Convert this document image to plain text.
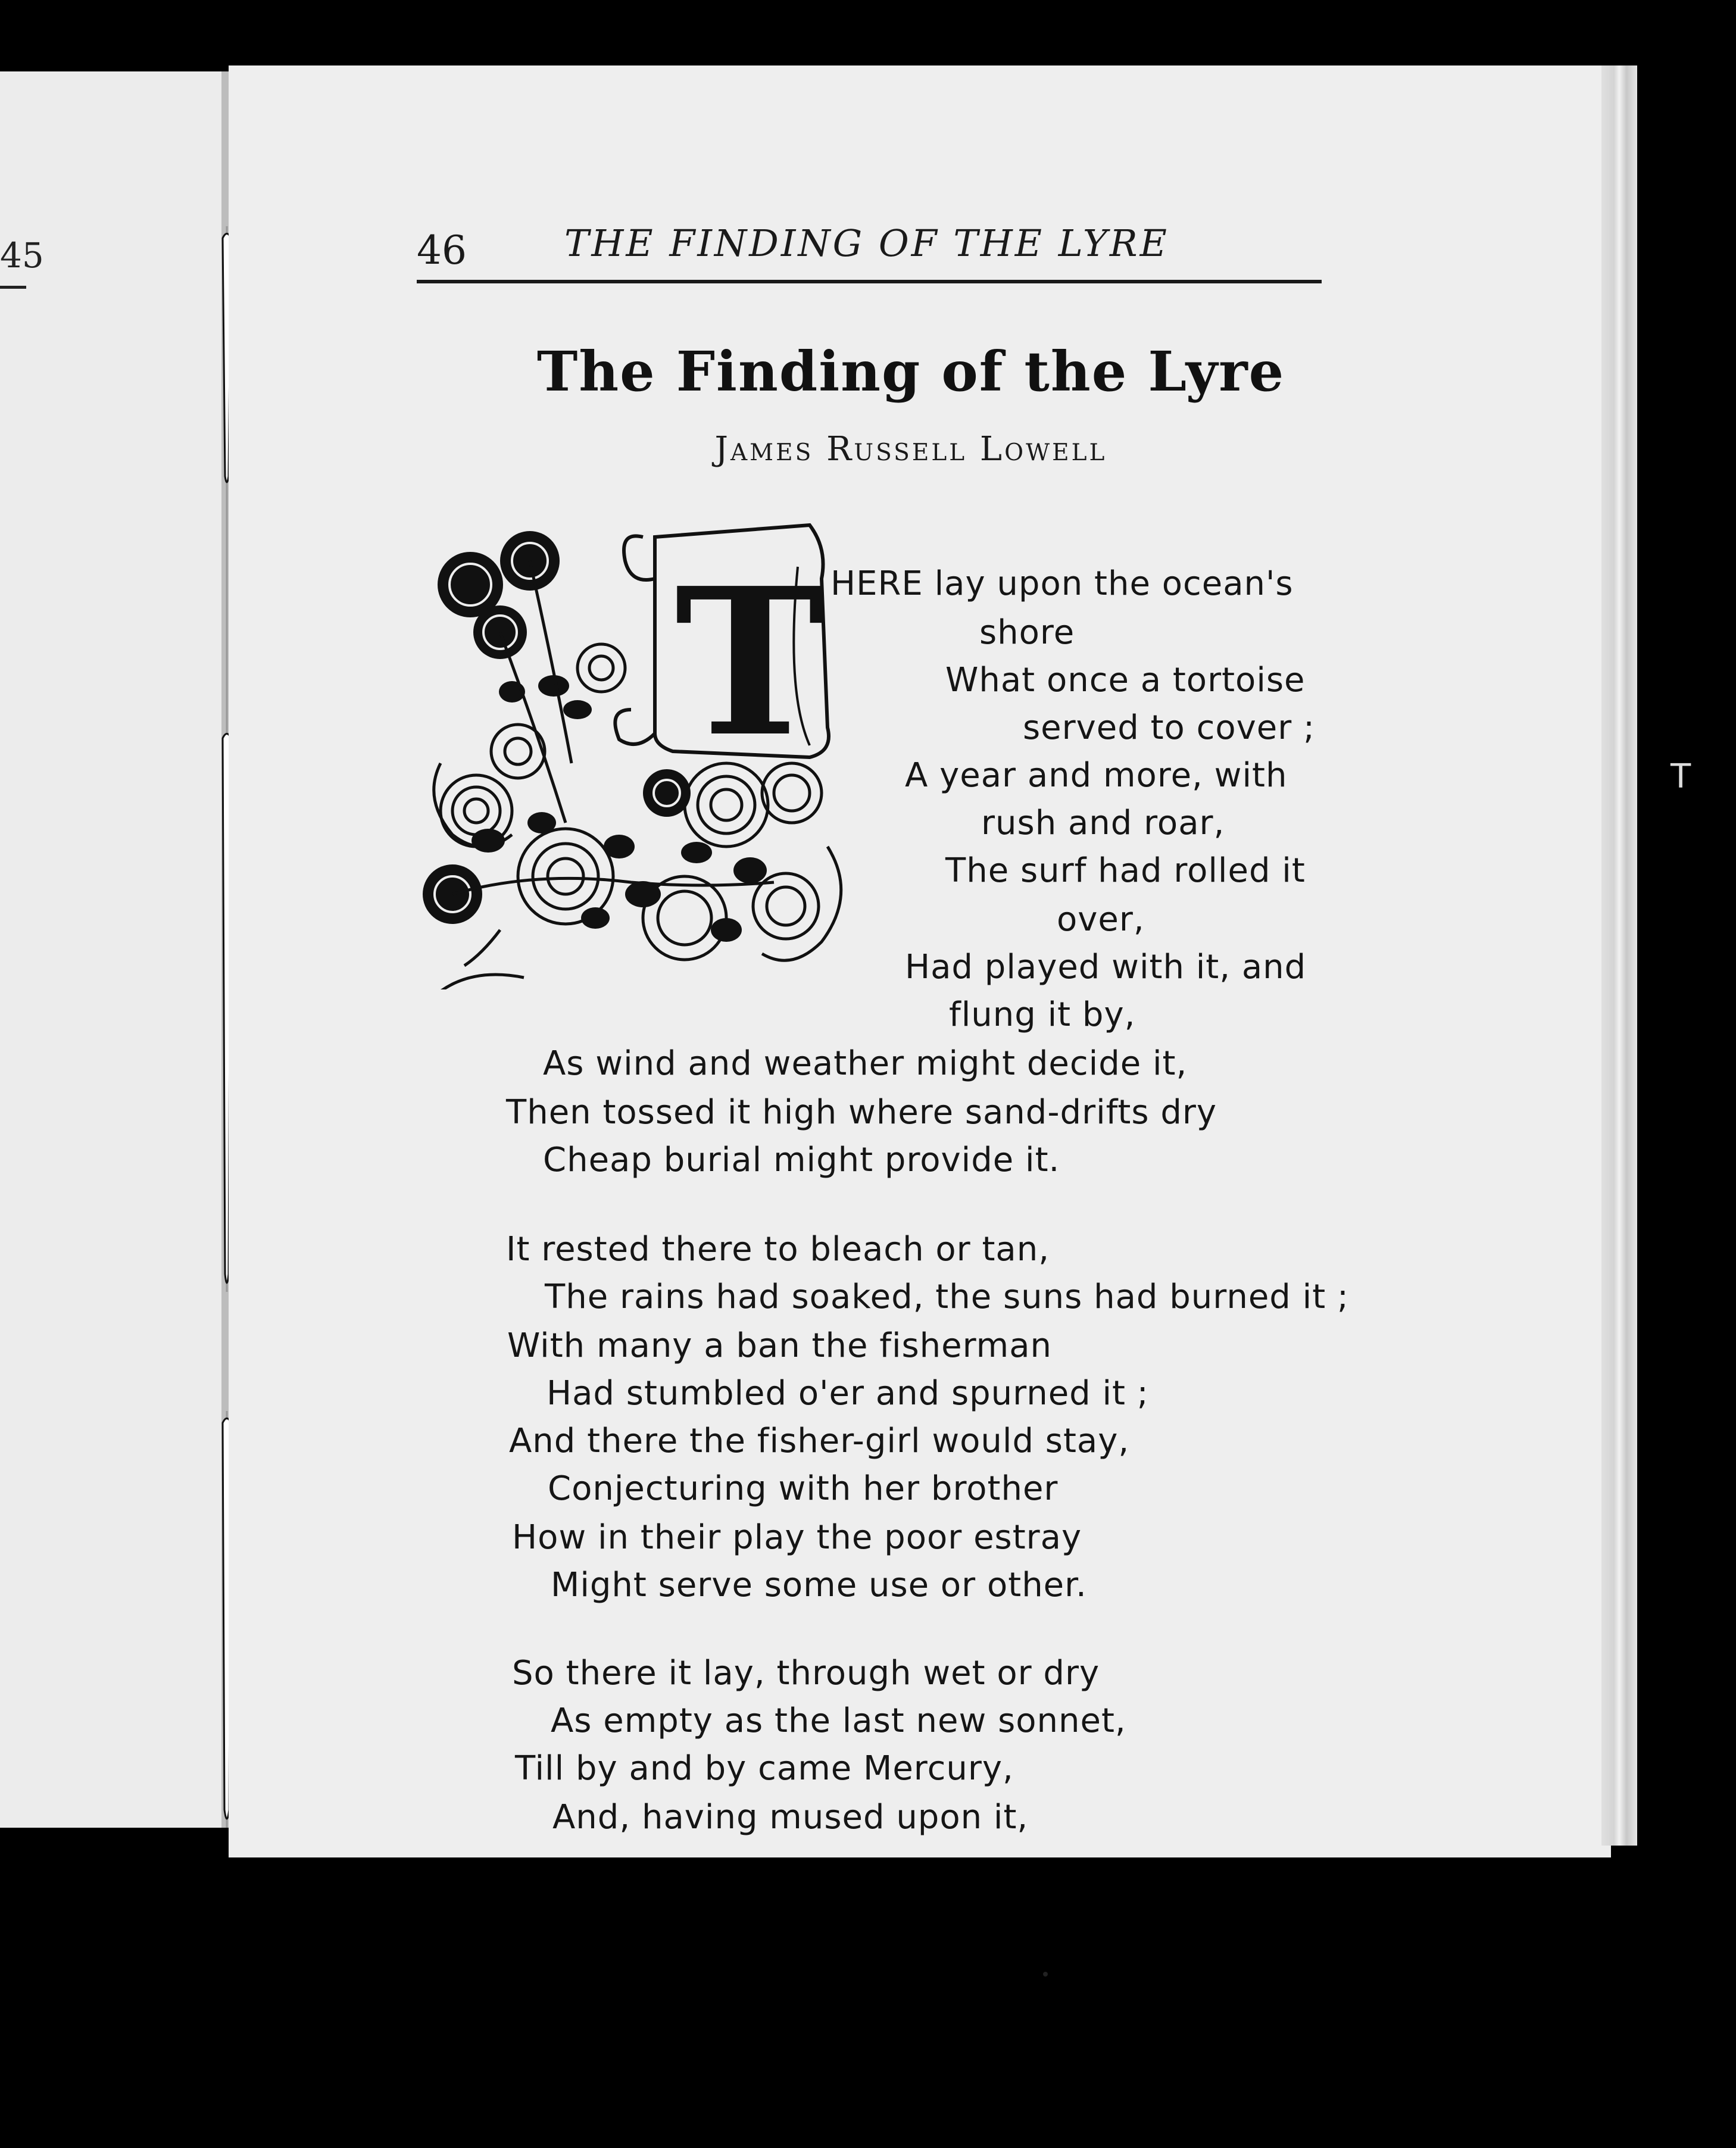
45	46	THE FINDING OF THE LYRE
The Finding of the Lyre
James Russell Lowell
T HERE lay upon the ocean's
shore
What once a tortoise
served to cover ;
A year and more, with
rush and roar,
The surf had rolled it
over,
Had played with it, and
flung it by,
As wind and weather might decide it,
Then tossed it high where sand-drifts dry
Cheap burial might provide it.
It rested there to bleach or tan,
The rains had soaked, the suns had burned it ;
With many a ban the fisherman
Had stumbled o'er and spurned it ;
And there the fisher-girl would stay,
Conjecturing with her brother
How in their play the poor estray
Might serve some use or other.
So there it lay, through wet or dry
As empty as the last new sonnet,
Till by and by came Mercury,
And, having mused upon it,
T
